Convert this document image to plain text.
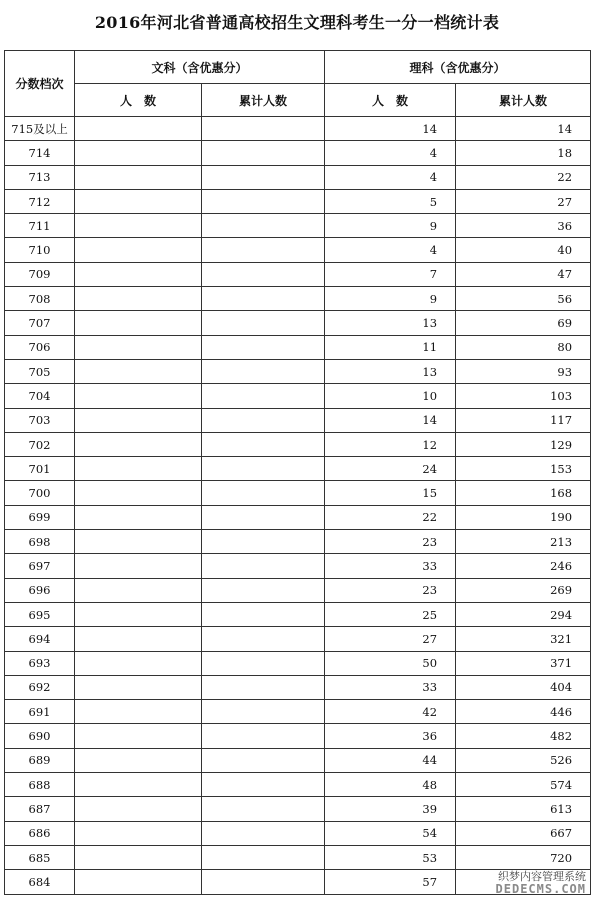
2016年河北省普通高校招生文理科考生一分一档统计表
分数档次	文科（含优惠分）		理科（含优惠分）	
	人　数	累计人数	人　数	累计人数
715及以上			14	14
714			4	18
713			4	22
712			5	27
711			9	36
710			4	40
709			7	47
708			9	56
707			13	69
706			11	80
705			13	93
704			10	103
703			14	117
702			12	129
701			24	153
700			15	168
699			22	190
698			23	213
697			33	246
696			23	269
695			25	294
694			27	321
693			50	371
692			33	404
691			42	446
690			36	482
689			44	526
688			48	574
687			39	613
686			54	667
685			53	720
684			57		织梦内容管理系统
DEDECMS.COM
